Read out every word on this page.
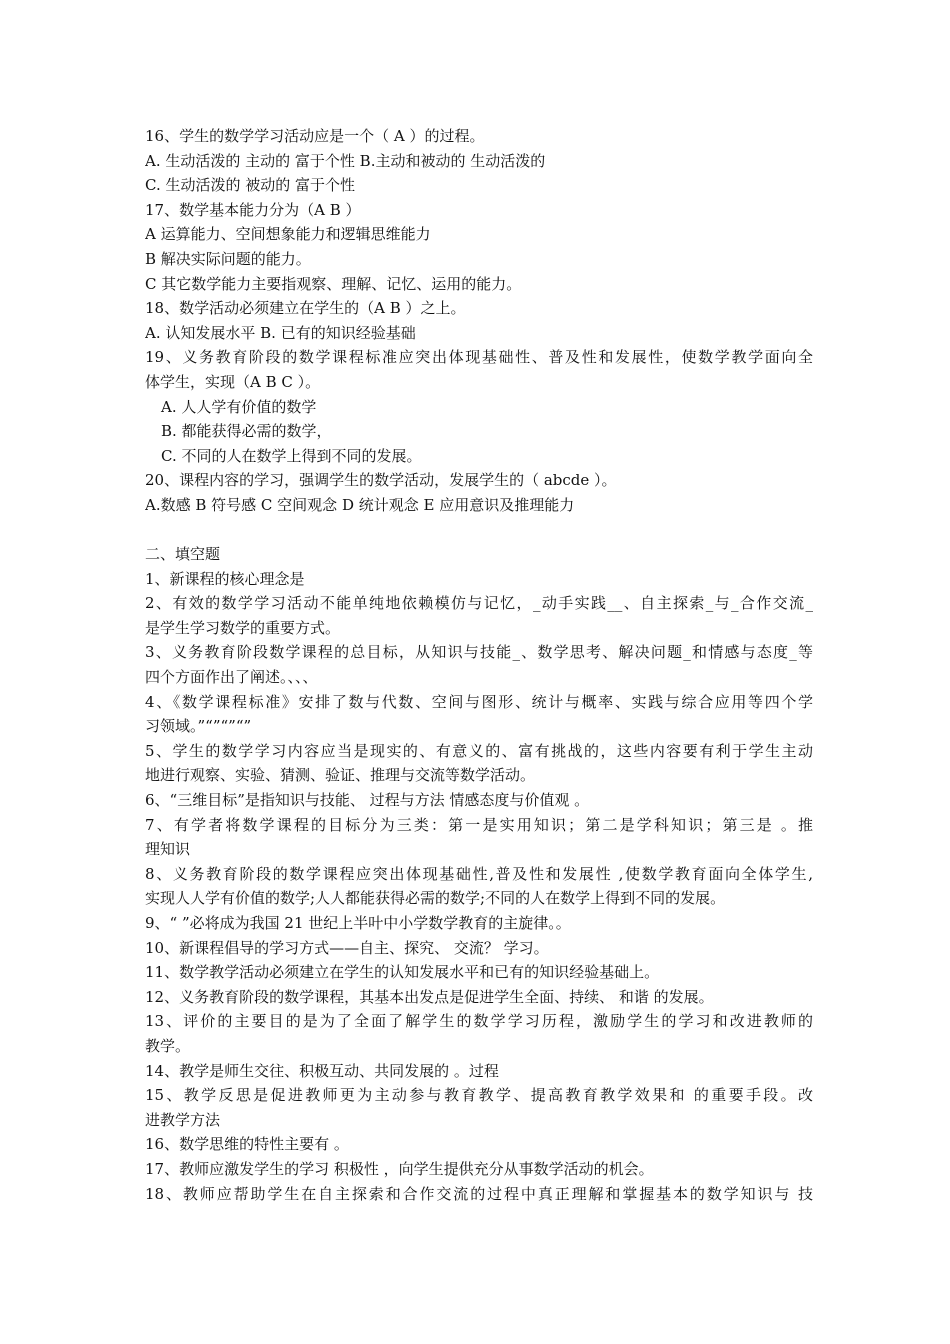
16、学生的数学学习活动应是一个（ A ）的过程。
A. 生动活泼的 主动的 富于个性 B.主动和被动的 生动活泼的
C. 生动活泼的 被动的 富于个性
17、数学基本能力分为（A B ）
A 运算能力、空间想象能力和逻辑思维能力
B 解决实际问题的能力。
C 其它数学能力主要指观察、理解、记忆、运用的能力。
18、数学活动必须建立在学生的（A B ）之上。
A. 认知发展水平 B. 已有的知识经验基础
19、义务教育阶段的数学课程标准应突出体现基础性、普及性和发展性，使数学教学面向全
体学生，实现（A B C ）。
A. 人人学有价值的数学
B. 都能获得必需的数学，
C. 不同的人在数学上得到不同的发展。
20、课程内容的学习，强调学生的数学活动，发展学生的（ abcde ）。
A.数感 B 符号感 C 空间观念 D 统计观念 E 应用意识及推理能力
二、填空题
1、新课程的核心理念是
2、有效的数学学习活动不能单纯地依赖模仿与记忆，_动手实践__、自主探索_与_合作交流_
是学生学习数学的重要方式。
3、义务教育阶段数学课程的总目标，从知识与技能_、数学思考、解决问题_和情感与态度_等
四个方面作出了阐述。、、、
4、《数学课程标准》安排了数与代数、空间与图形、统计与概率、实践与综合应用等四个学
习领域。”“”“”“”
5、学生的数学学习内容应当是现实的、有意义的、富有挑战的，这些内容要有利于学生主动
地进行观察、实验、猜测、验证、推理与交流等数学活动。
6、“三维目标”是指知识与技能、 过程与方法 情感态度与价值观 。
7、有学者将数学课程的目标分为三类：第一是实用知识；第二是学科知识；第三是 。推
理知识
8、义务教育阶段的数学课程应突出体现基础性,普及性和发展性 ,使数学教育面向全体学生,
实现人人学有价值的数学;人人都能获得必需的数学;不同的人在数学上得到不同的发展。
9、“ ”必将成为我国 21 世纪上半叶中小学数学教育的主旋律。。
10、新课程倡导的学习方式——自主、探究、 交流？ 学习。
11、数学教学活动必须建立在学生的认知发展水平和已有的知识经验基础上。
12、义务教育阶段的数学课程，其基本出发点是促进学生全面、持续、 和谐 的发展。
13、评价的主要目的是为了全面了解学生的数学学习历程，激励学生的学习和改进教师的
教学。
14、教学是师生交往、积极互动、共同发展的 。过程
15、教学反思是促进教师更为主动参与教育教学、提高教育教学效果和 的重要手段。改
进教学方法
16、数学思维的特性主要有 。
17、教师应激发学生的学习 积极性 ，向学生提供充分从事数学活动的机会。
18、教师应帮助学生在自主探索和合作交流的过程中真正理解和掌握基本的数学知识与 技
